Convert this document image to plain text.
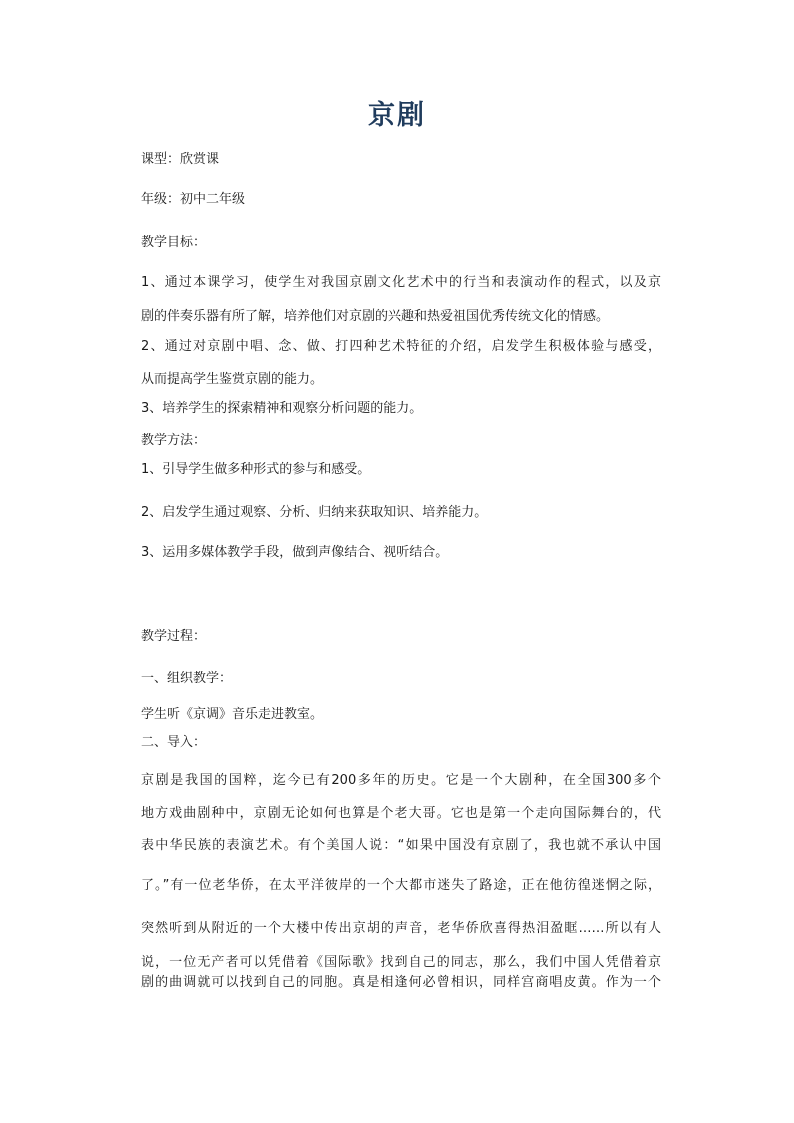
京剧
课型：欣赏课
年级：初中二年级
教学目标：
1、通过本课学习，使学生对我国京剧文化艺术中的行当和表演动作的程式，以及京
剧的伴奏乐器有所了解，培养他们对京剧的兴趣和热爱祖国优秀传统文化的情感。
2、通过对京剧中唱、念、做、打四种艺术特征的介绍，启发学生积极体验与感受，
从而提高学生鉴赏京剧的能力。
3、培养学生的探索精神和观察分析问题的能力。
教学方法：
1、引导学生做多种形式的参与和感受。
2、启发学生通过观察、分析、归纳来获取知识、培养能力。
3、运用多媒体教学手段，做到声像结合、视听结合。
教学过程：
一、组织教学：
学生听《京调》音乐走进教室。
二、导入：
京剧是我国的国粹，迄今已有200多年的历史。它是一个大剧种，在全国300多个
地方戏曲剧种中，京剧无论如何也算是个老大哥。它也是第一个走向国际舞台的，代
表中华民族的表演艺术。有个美国人说：“如果中国没有京剧了，我也就不承认中国
了。”有一位老华侨，在太平洋彼岸的一个大都市迷失了路途，正在他彷徨迷惘之际，
突然听到从附近的一个大楼中传出京胡的声音，老华侨欣喜得热泪盈眶……所以有人
说，一位无产者可以凭借着《国际歌》找到自己的同志，那么，我们中国人凭借着京
剧的曲调就可以找到自己的同胞。真是相逢何必曾相识，同样宫商唱皮黄。作为一个
